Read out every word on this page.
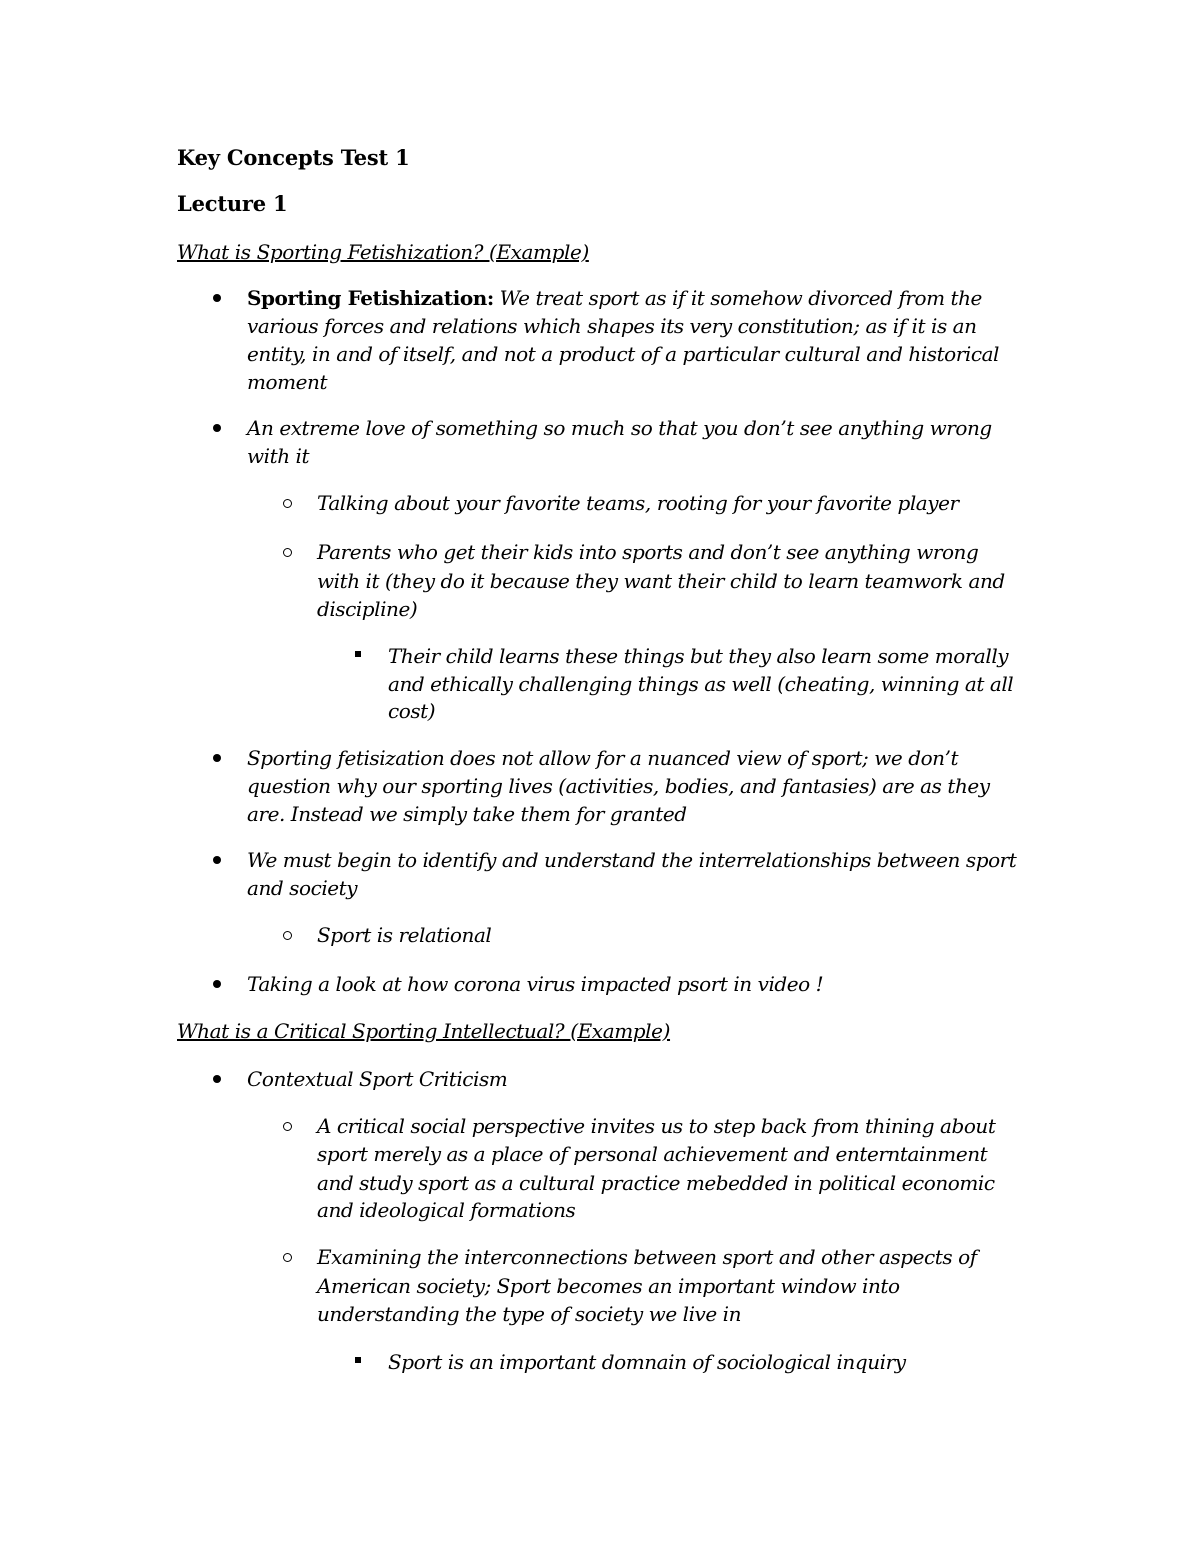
Key Concepts Test 1
Lecture 1
What is Sporting Fetishization? (Example)
Sporting Fetishization: We treat sport as if it somehow divorced from the
various forces and relations which shapes its very constitution; as if it is an
entity, in and of itself, and not a product of a particular cultural and historical
moment
An extreme love of something so much so that you don’t see anything wrong
with it
Talking about your favorite teams, rooting for your favorite player
Parents who get their kids into sports and don’t see anything wrong
with it (they do it because they want their child to learn teamwork and
discipline)
Their child learns these things but they also learn some morally
and ethically challenging things as well (cheating, winning at all
cost)
Sporting fetisization does not allow for a nuanced view of sport; we don’t
question why our sporting lives (activities, bodies, and fantasies) are as they
are. Instead we simply take them for granted
We must begin to identify and understand the interrelationships between sport
and society
Sport is relational
Taking a look at how corona virus impacted psort in video !
What is a Critical Sporting Intellectual? (Example)
Contextual Sport Criticism
A critical social perspective invites us to step back from thining about
sport merely as a place of personal achievement and enterntainment
and study sport as a cultural practice mebedded in political economic
and ideological formations
Examining the interconnections between sport and other aspects of
American society; Sport becomes an important window into
understanding the type of society we live in
Sport is an important domnain of sociological inquiry
